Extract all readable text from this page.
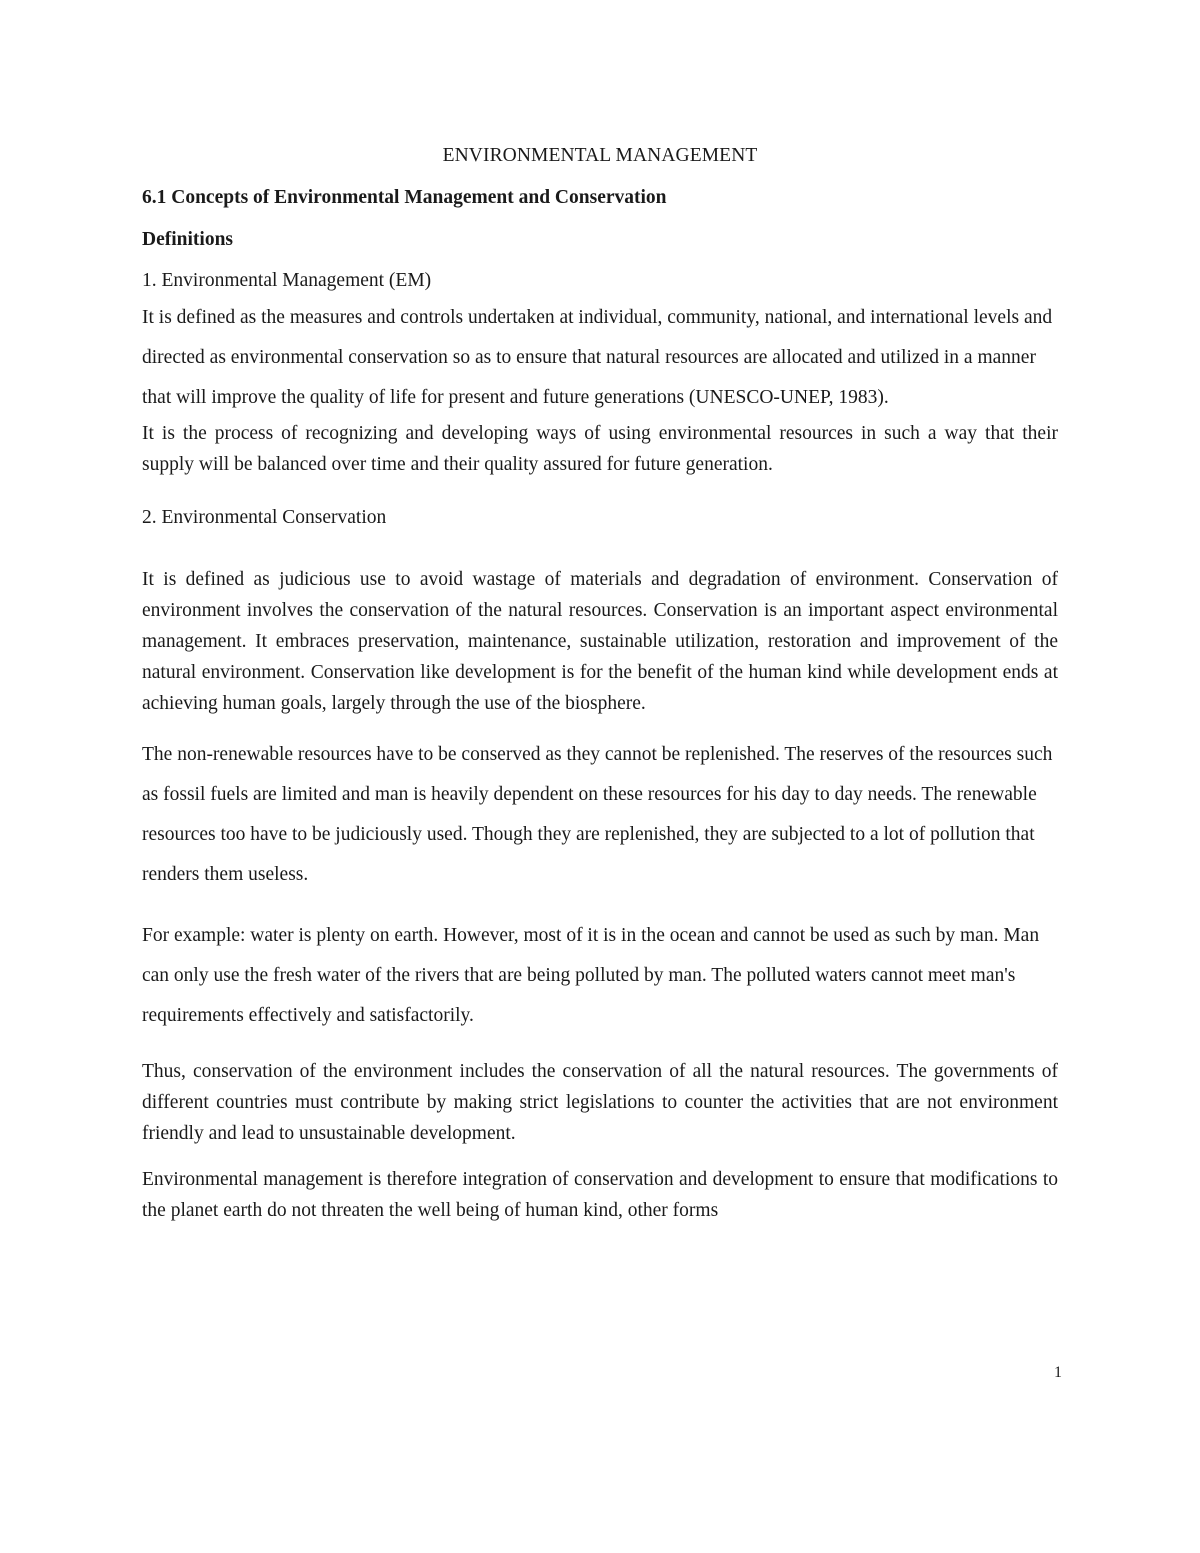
ENVIRONMENTAL MANAGEMENT

6.1 Concepts of Environmental Management and Conservation

Definitions

1. Environmental Management (EM)

It is defined as the measures and controls undertaken at individual, community, national, and international levels and directed as environmental conservation so as to ensure that natural resources are allocated and utilized in a manner that will improve the quality of life for present and future generations (UNESCO-UNEP, 1983).

It is the process of recognizing and developing ways of using environmental resources in such a way that their supply will be balanced over time and their quality assured for future generation.

2. Environmental Conservation

It is defined as judicious use to avoid wastage of materials and degradation of environment. Conservation of environment involves the conservation of the natural resources. Conservation is an important aspect environmental management. It embraces preservation, maintenance, sustainable utilization, restoration and improvement of the natural environment. Conservation like development is for the benefit of the human kind while development ends at achieving human goals, largely through the use of the biosphere.

The non-renewable resources have to be conserved as they cannot be replenished. The reserves of the resources such as fossil fuels are limited and man is heavily dependent on these resources for his day to day needs. The renewable resources too have to be judiciously used. Though they are replenished, they are subjected to a lot of pollution that renders them useless.

For example: water is plenty on earth. However, most of it is in the ocean and cannot be used as such by man. Man can only use the fresh water of the rivers that are being polluted by man. The polluted waters cannot meet man's requirements effectively and satisfactorily.

Thus, conservation of the environment includes the conservation of all the natural resources. The governments of different countries must contribute by making strict legislations to counter the activities that are not environment friendly and lead to unsustainable development.

Environmental management is therefore integration of conservation and development to ensure that modifications to the planet earth do not threaten the well being of human kind, other forms

1
